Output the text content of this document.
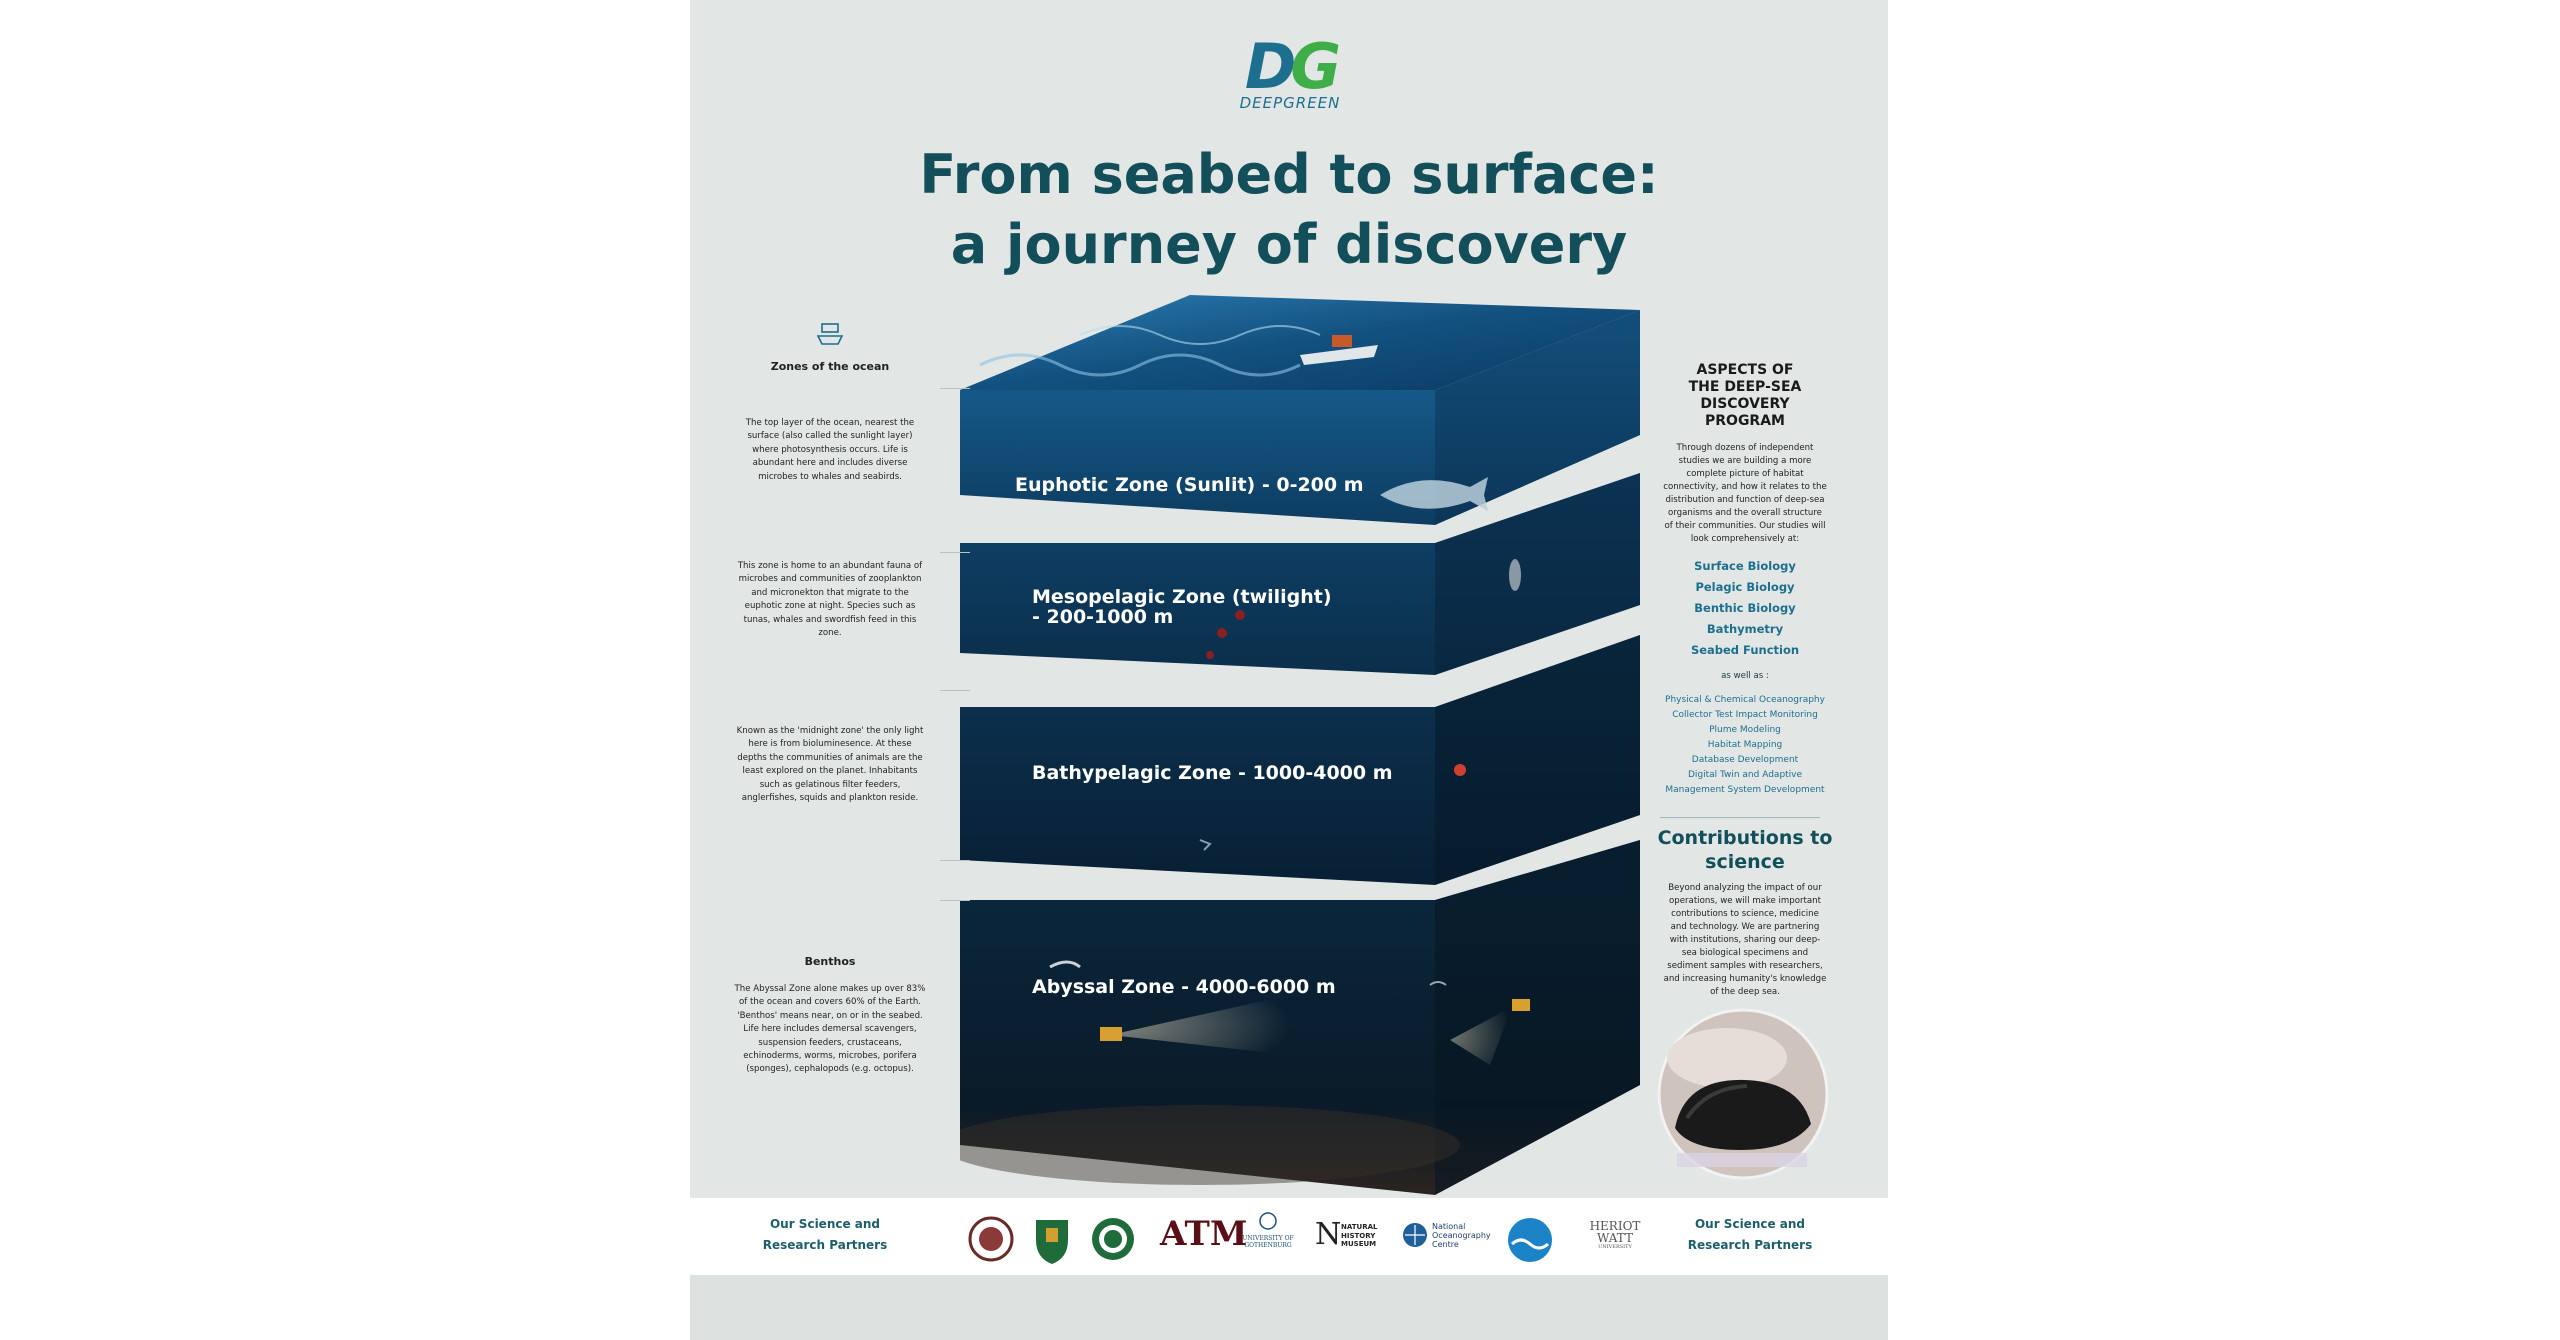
DG
DEEPGREEN
From seabed to surface:
a journey of discovery
Euphotic Zone (Sunlit) - 0-200 m
Mesopelagic Zone (twilight)
- 200-1000 m
Bathypelagic Zone - 1000-4000 m
Abyssal Zone - 4000-6000 m
Zones of the ocean
The top layer of the ocean, nearest the
surface (also called the sunlight layer)
where photosynthesis occurs. Life is
abundant here and includes diverse
microbes to whales and seabirds.
This zone is home to an abundant fauna of
microbes and communities of zooplankton
and micronekton that migrate to the
euphotic zone at night. Species such as
tunas, whales and swordfish feed in this
zone.
Known as the 'midnight zone' the only light
here is from bioluminesence. At these
depths the communities of animals are the
least explored on the planet. Inhabitants
such as gelatinous filter feeders,
anglerfishes, squids and plankton reside.
Benthos
The Abyssal Zone alone makes up over 83%
of the ocean and covers 60% of the Earth.
'Benthos' means near, on or in the seabed.
Life here includes demersal scavengers,
suspension feeders, crustaceans,
echinoderms, worms, microbes, porifera
(sponges), cephalopods (e.g. octopus).
ASPECTS OF
THE DEEP-SEA
DISCOVERY
PROGRAM
Through dozens of independent
studies we are building a more
complete picture of habitat
connectivity, and how it relates to the
distribution and function of deep-sea
organisms and the overall structure
of their communities. Our studies will
look comprehensively at:
Surface Biology
Pelagic Biology
Benthic Biology
Bathymetry
Seabed Function
as well as :
Physical & Chemical Oceanography
Collector Test Impact Monitoring
Plume Modeling
Habitat Mapping
Database Development
Digital Twin and Adaptive
Management System Development
Contributions to
science
Beyond analyzing the impact of our
operations, we will make important
contributions to science, medicine
and technology. We are partnering
with institutions, sharing our deep-
sea biological specimens and
sediment samples with researchers,
and increasing humanity's knowledge
of the deep sea.
Our Science and
Research Partners	ATM
UNIVERSITY OF
GOTHENBURG N NATURAL
HISTORY
MUSEUM
National
Oceanography
Centre
HERIOT
WATT
UNIVERSITY
Our Science and
Research Partners
